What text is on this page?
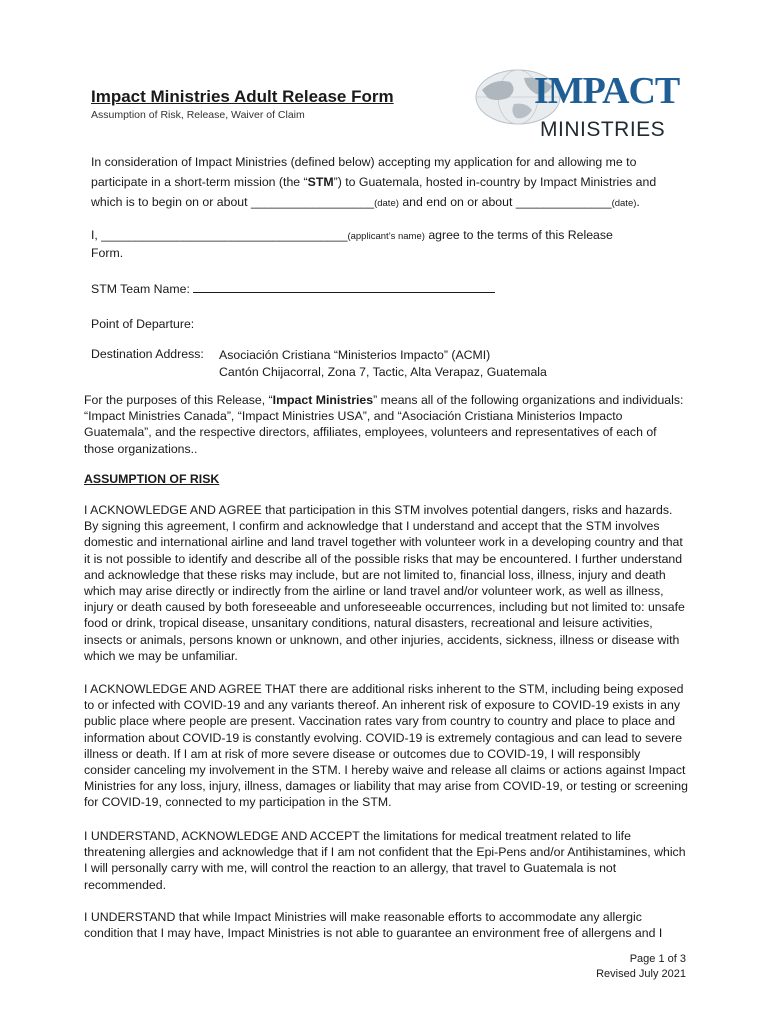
Impact Ministries Adult Release Form

Assumption of Risk, Release, Waiver of Claim

IMPACT
MINISTRIES

In consideration of Impact Ministries (defined below) accepting my application for and allowing me to

participate in a short-term mission (the “STM”) to Guatemala, hosted in-country by Impact Ministries and

which is to begin on or about __________________(date) and end on or about ______________(date).

I, ____________________________________(applicant’s name) agree to the terms of this Release

Form.

STM Team Name:

Point of Departure:

Destination Address: Asociación Cristiana “Ministerios Impacto” (ACMI)
Cantón Chijacorral, Zona 7, Tactic, Alta Verapaz, Guatemala

For the purposes of this Release, “Impact Ministries” means all of the following organizations and individuals: “Impact Ministries Canada”, “Impact Ministries USA”, and “Asociación Cristiana Ministerios Impacto Guatemala”, and the respective directors, affiliates, employees, volunteers and representatives of each of those organizations..

ASSUMPTION OF RISK

I ACKNOWLEDGE AND AGREE that participation in this STM involves potential dangers, risks and hazards. By signing this agreement, I confirm and acknowledge that I understand and accept that the STM involves domestic and international airline and land travel together with volunteer work in a developing country and that it is not possible to identify and describe all of the possible risks that may be encountered. I further understand and acknowledge that these risks may include, but are not limited to, financial loss, illness, injury and death which may arise directly or indirectly from the airline or land travel and/or volunteer work, as well as illness, injury or death caused by both foreseeable and unforeseeable occurrences, including but not limited to: unsafe food or drink, tropical disease, unsanitary conditions, natural disasters, recreational and leisure activities, insects or animals, persons known or unknown, and other injuries, accidents, sickness, illness or disease with which we may be unfamiliar.

I ACKNOWLEDGE AND AGREE THAT there are additional risks inherent to the STM, including being exposed to or infected with COVID-19 and any variants thereof. An inherent risk of exposure to COVID-19 exists in any public place where people are present. Vaccination rates vary from country to country and place to place and information about COVID-19 is constantly evolving. COVID-19 is extremely contagious and can lead to severe illness or death. If I am at risk of more severe disease or outcomes due to COVID-19, I will responsibly consider canceling my involvement in the STM. I hereby waive and release all claims or actions against Impact Ministries for any loss, injury, illness, damages or liability that may arise from COVID-19, or testing or screening for COVID-19, connected to my participation in the STM.

I UNDERSTAND, ACKNOWLEDGE AND ACCEPT the limitations for medical treatment related to life threatening allergies and acknowledge that if I am not confident that the Epi-Pens and/or Antihistamines, which I will personally carry with me, will control the reaction to an allergy, that travel to Guatemala is not recommended.

I UNDERSTAND that while Impact Ministries will make reasonable efforts to accommodate any allergic condition that I may have, Impact Ministries is not able to guarantee an environment free of allergens and I

Page 1 of 3
Revised July 2021
